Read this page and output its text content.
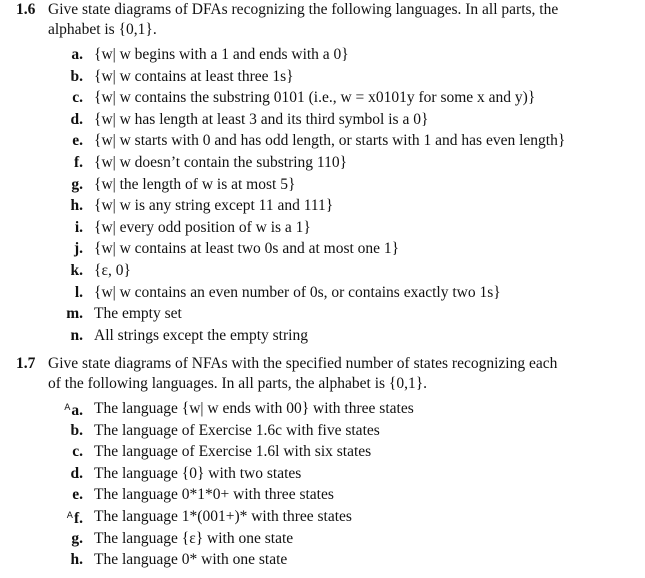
1.6 Give state diagrams of DFAs recognizing the following languages. In all parts, the
alphabet is {0,1}.
a. {w| w begins with a 1 and ends with a 0}
b. {w| w contains at least three 1s}
c. {w| w contains the substring 0101 (i.e., w = x0101y for some x and y)}
d. {w| w has length at least 3 and its third symbol is a 0}
e. {w| w starts with 0 and has odd length, or starts with 1 and has even length}
f. {w| w doesn’t contain the substring 110}
g. {w| the length of w is at most 5}
h. {w| w is any string except 11 and 111}
i. {w| every odd position of w is a 1}
j. {w| w contains at least two 0s and at most one 1}
k. {ε, 0}
l. {w| w contains an even number of 0s, or contains exactly two 1s}
m. The empty set
n. All strings except the empty string
1.7 Give state diagrams of NFAs with the specified number of states recognizing each
of the following languages. In all parts, the alphabet is {0,1}.
$^A$a. The language {w| w ends with 00} with three states
b. The language of Exercise 1.6c with five states
c. The language of Exercise 1.6l with six states
d. The language {0} with two states
e. The language 0*1*0+ with three states
$^A$f. The language 1*(001+)* with three states
g. The language {ε} with one state
h. The language 0* with one state
